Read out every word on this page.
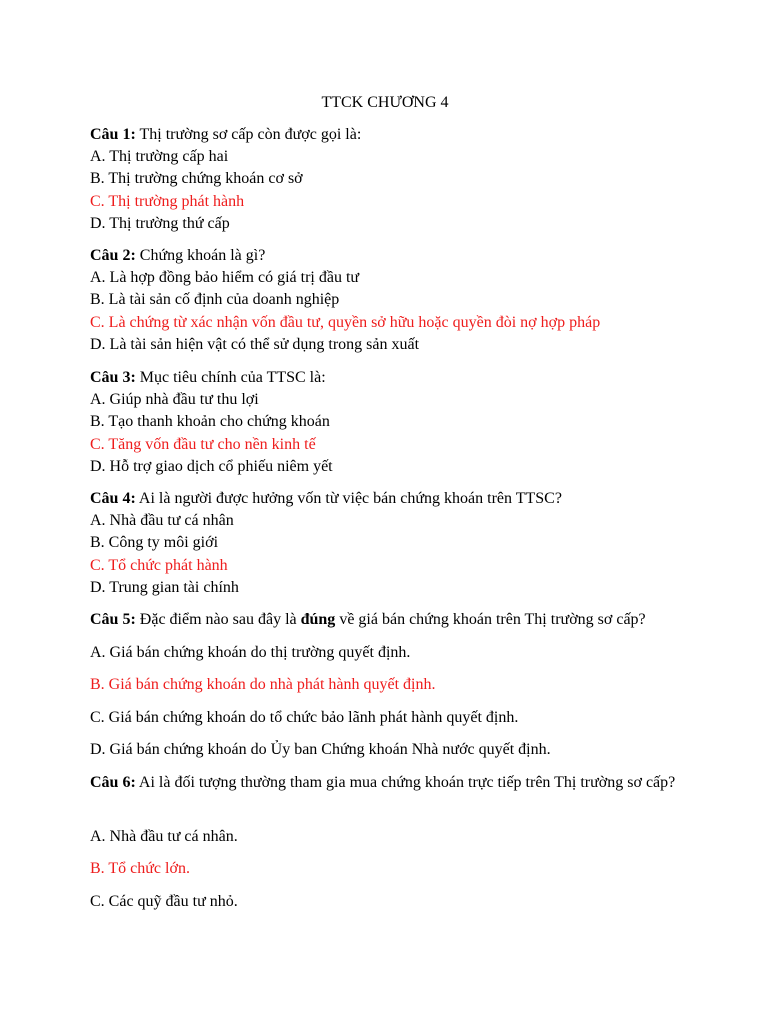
TTCK CHƯƠNG 4
Câu 1: Thị trường sơ cấp còn được gọi là:
A. Thị trường cấp hai
B. Thị trường chứng khoán cơ sở
C. Thị trường phát hành
D. Thị trường thứ cấp
Câu 2: Chứng khoán là gì?
A. Là hợp đồng bảo hiểm có giá trị đầu tư
B. Là tài sản cố định của doanh nghiệp
C. Là chứng từ xác nhận vốn đầu tư, quyền sở hữu hoặc quyền đòi nợ hợp pháp
D. Là tài sản hiện vật có thể sử dụng trong sản xuất
Câu 3: Mục tiêu chính của TTSC là:
A. Giúp nhà đầu tư thu lợi
B. Tạo thanh khoản cho chứng khoán
C. Tăng vốn đầu tư cho nền kinh tế
D. Hỗ trợ giao dịch cổ phiếu niêm yết
Câu 4: Ai là người được hưởng vốn từ việc bán chứng khoán trên TTSC?
A. Nhà đầu tư cá nhân
B. Công ty môi giới
C. Tổ chức phát hành
D. Trung gian tài chính
Câu 5: Đặc điểm nào sau đây là đúng về giá bán chứng khoán trên Thị trường sơ cấp?
A. Giá bán chứng khoán do thị trường quyết định.
B. Giá bán chứng khoán do nhà phát hành quyết định.
C. Giá bán chứng khoán do tổ chức bảo lãnh phát hành quyết định.
D. Giá bán chứng khoán do Ủy ban Chứng khoán Nhà nước quyết định.
Câu 6: Ai là đối tượng thường tham gia mua chứng khoán trực tiếp trên Thị trường sơ cấp?
A. Nhà đầu tư cá nhân.
B. Tổ chức lớn.
C. Các quỹ đầu tư nhỏ.
